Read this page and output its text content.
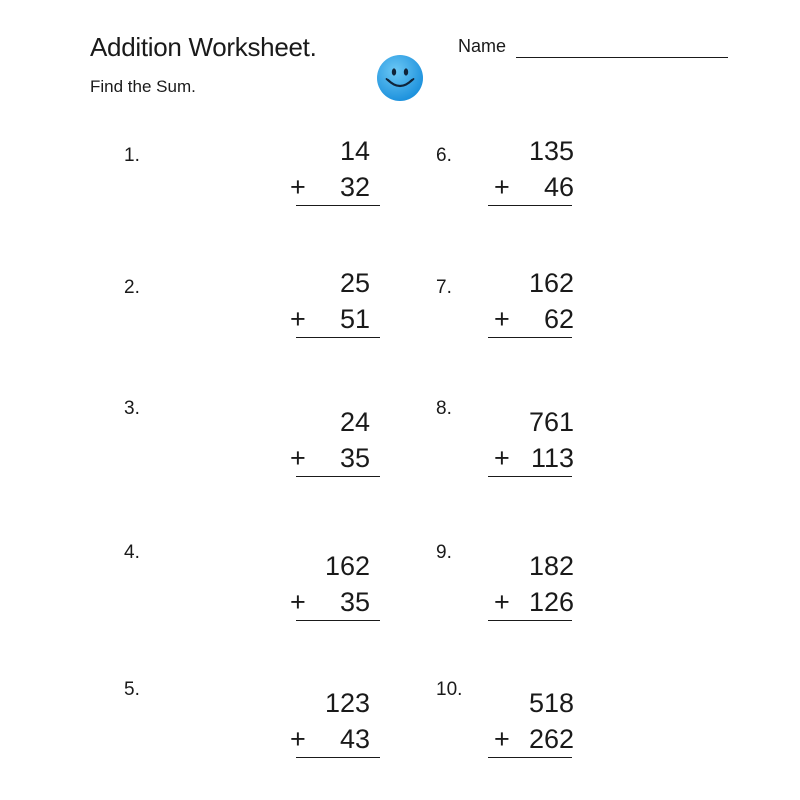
Addition Worksheet.
Find the Sum.
Name
1.	14
+ 32
2.	25
+ 51
3.	24
+ 35
4.	162
+ 35
5.	123
+ 43
6.	135
+ 46
7.	162
+ 62
8.	761
+ 113
9.	182
+ 126
10.	518
+ 262
